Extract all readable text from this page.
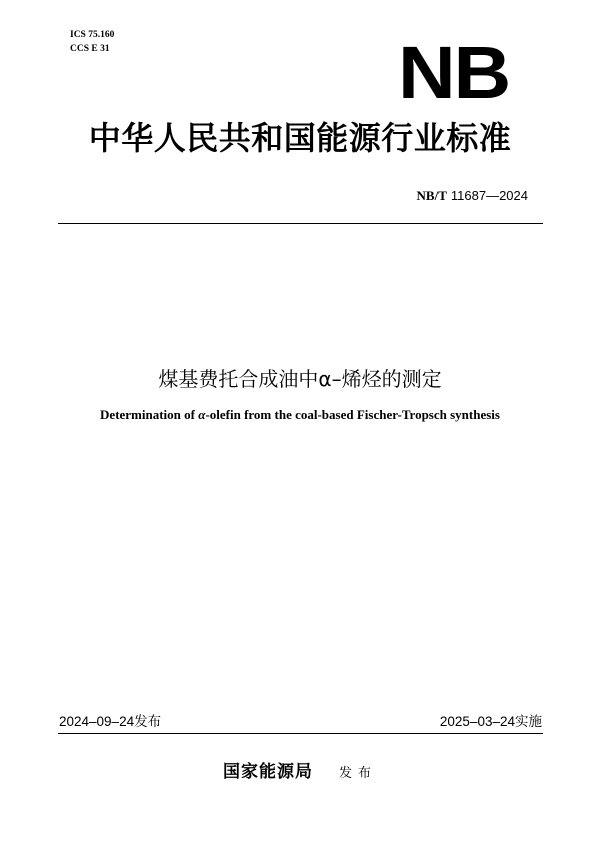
ICS 75.160
CCS E 31	NB
中华人民共和国能源行业标准
NB/T 11687—2024
煤基费托合成油中α–烯烃的测定
Determination of α-olefin from the coal-based Fischer-Tropsch synthesis
2024–09–24发布	2025–03–24实施
国家能源局 发布
